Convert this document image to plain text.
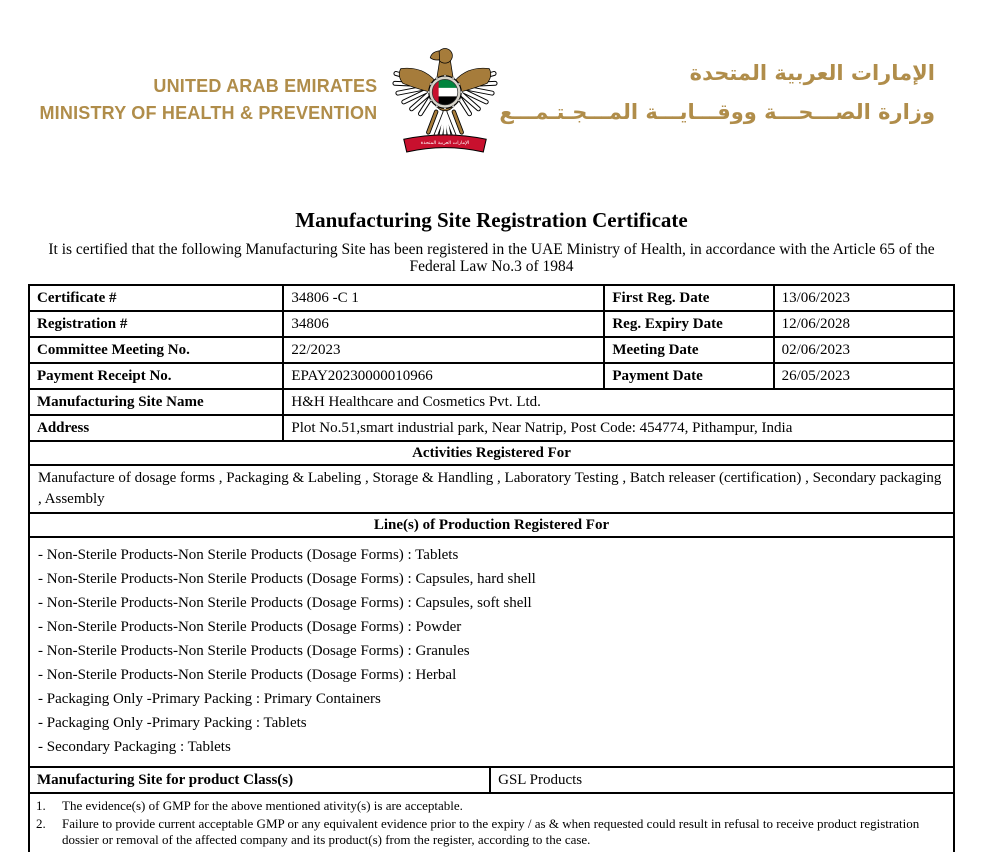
UNITED ARAB EMIRATES
MINISTRY OF HEALTH & PREVENTION
الإمارات العربية المتحدة
الإمارات العربية المتحدة
وزارة الصـــحـــة ووقـــايـــة المـــجـتـمـــع
Manufacturing Site Registration Certificate
It is certified that the following Manufacturing Site has been registered in the UAE Ministry of Health, in accordance with the Article 65 of the Federal Law No.3 of 1984
Certificate #	34806 -C 1	First Reg. Date	13/06/2023
Registration #	34806	Reg. Expiry Date	12/06/2028
Committee Meeting No.	22/2023	Meeting Date	02/06/2023
Payment Receipt No.	EPAY20230000010966	Payment Date	26/05/2023
Manufacturing Site Name	H&H Healthcare and Cosmetics Pvt. Ltd.		
Address	Plot No.51,smart industrial park, Near Natrip, Post Code: 454774, Pithampur, India		
Activities Registered For			
Manufacture of dosage forms , Packaging & Labeling , Storage & Handling , Laboratory Testing , Batch releaser (certification) , Secondary packaging , Assembly			
Line(s) of Production Registered For			

- Non-Sterile Products-Non Sterile Products (Dosage Forms) : Tablets
- Non-Sterile Products-Non Sterile Products (Dosage Forms) : Capsules, hard shell
- Non-Sterile Products-Non Sterile Products (Dosage Forms) : Capsules, soft shell
- Non-Sterile Products-Non Sterile Products (Dosage Forms) : Powder
- Non-Sterile Products-Non Sterile Products (Dosage Forms) : Granules
- Non-Sterile Products-Non Sterile Products (Dosage Forms) : Herbal
- Packaging Only -Primary Packing : Primary Containers
- Packaging Only -Primary Packing : Tablets
- Secondary Packaging : Tablets
Manufacturing Site for product Class(s)	GSL Products
1.	The evidence(s) of GMP for the above mentioned ativity(s) is are acceptable.
2.	Failure to provide current acceptable GMP or any equivalent evidence prior to the expiry / as & when requested could result in refusal to receive product registration dossier or removal of the affected company and its product(s) from the register, according to the case.
